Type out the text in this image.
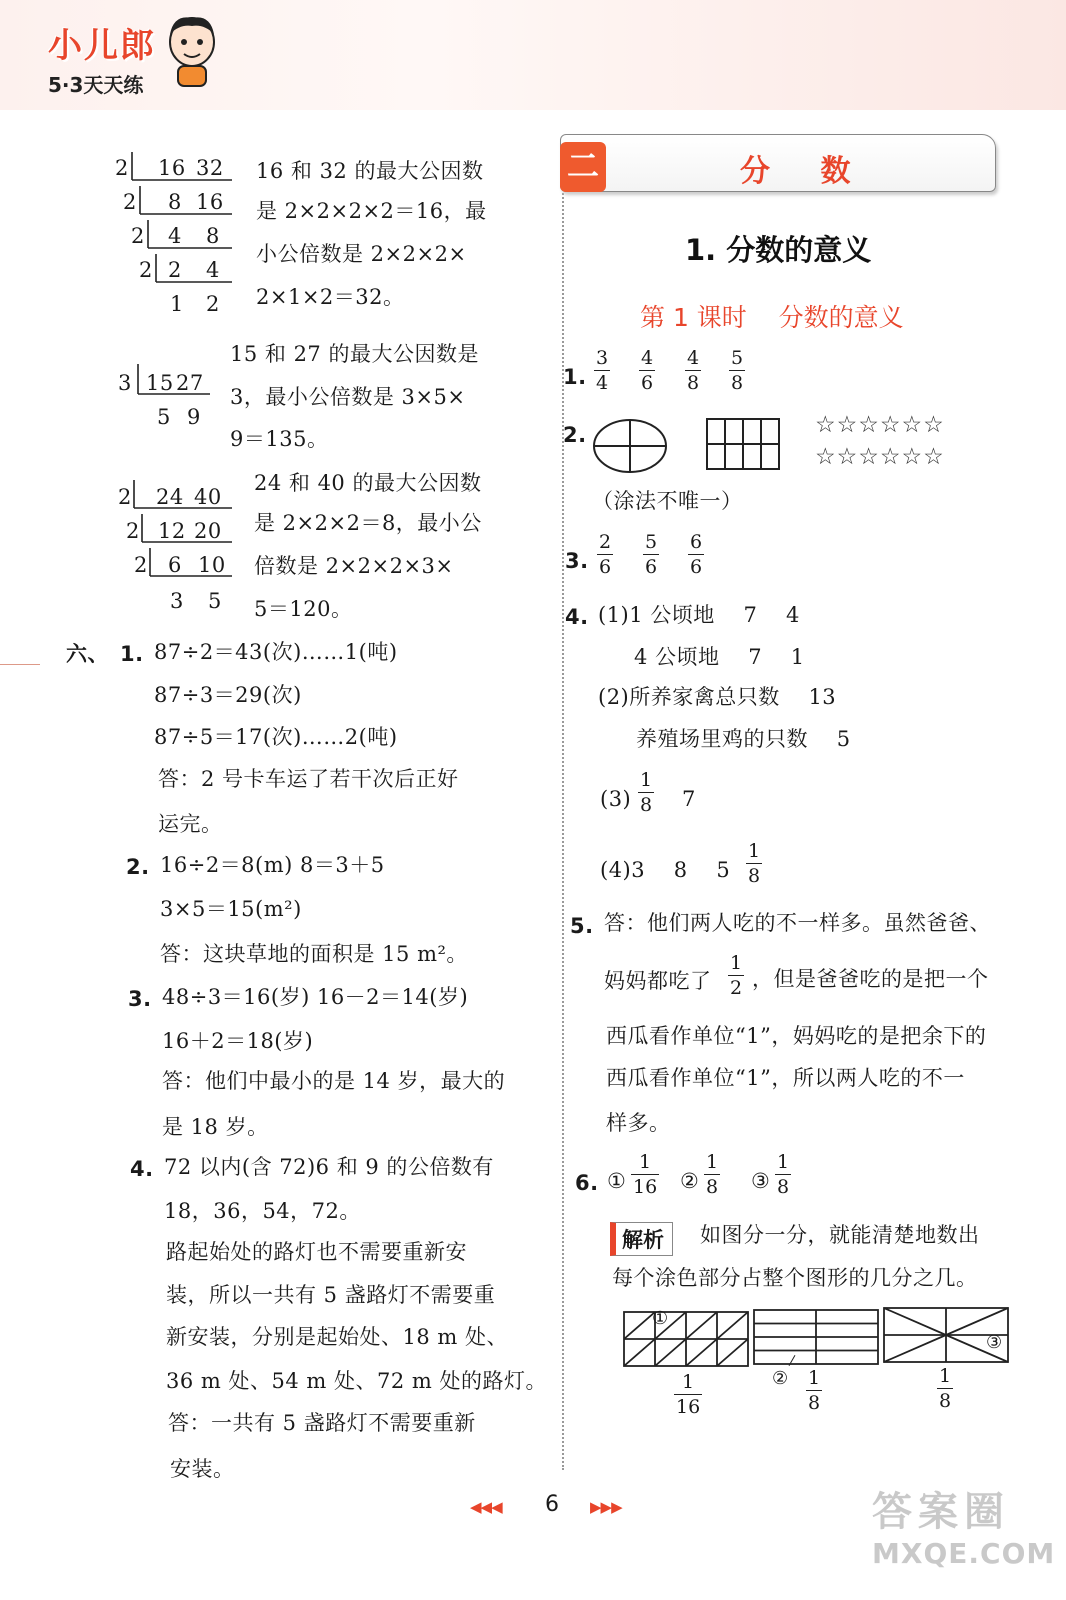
小儿郎
5·3天天练
2 16 32
2 8 16
2 4 8
2 2 4
1 2
16 和 32 的最大公因数
是 2×2×2×2＝16，最
小公倍数是 2×2×2×
2×1×2＝32。
3 15 27
5 9
15 和 27 的最大公因数是
3，最小公倍数是 3×5×
9＝135。
2 24 40
2 12 20
2 6 10
3 5
24 和 40 的最大公因数
是 2×2×2＝8，最小公
倍数是 2×2×2×3×
5＝120。
六、 1. 87÷2＝43(次)……1(吨)
87÷3＝29(次)
87÷5＝17(次)……2(吨)
答：2 号卡车运了若干次后正好
运完。
2. 16÷2＝8(m) 8＝3＋5
3×5＝15(m²)
答：这块草地的面积是 15 m²。
3. 48÷3＝16(岁) 16－2＝14(岁)
16＋2＝18(岁)
答：他们中最小的是 14 岁，最大的
是 18 岁。
4. 72 以内(含 72)6 和 9 的公倍数有
18，36，54，72。
路起始处的路灯也不需要重新安
装，所以一共有 5 盏路灯不需要重
新安装，分别是起始处、18 m 处、
36 m 处、54 m 处、72 m 处的路灯。
答：一共有 5 盏路灯不需要重新
安装。
二	分 数
1. 分数的意义
第 1 课时    分数的意义
1.
3
4
4
6
4
8
5
8
2.	☆☆☆☆☆☆
☆☆☆☆☆☆
（涂法不唯一）
3.
2
6
5
6
6
6
4. (1)1 公顷地    7    4
4 公顷地    7    1
(2)所养家禽总只数    13
养殖场里鸡的只数    5
(3)
1
8 7
(4)3    8    5
1
8
5. 答：他们两人吃的不一样多。虽然爸爸、
妈妈都吃了
1
2 ，但是爸爸吃的是把一个
西瓜看作单位“1”，妈妈吃的是把余下的
西瓜看作单位“1”，所以两人吃的不一
样多。
6. ①
1
16 ②
1
8 ③
1
8
解析	如图分一分，就能清楚地数出
每个涂色部分占整个图形的几分之几。
①
②
③
1
16
1
8
1
8
◀◀◀ 6 ▶▶▶	答案圈
MXQE.COM
